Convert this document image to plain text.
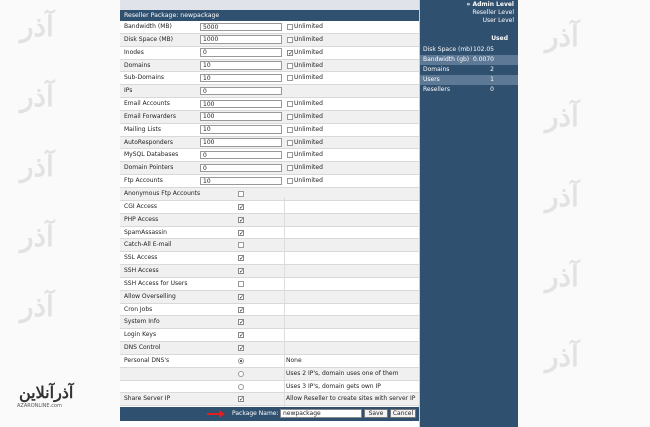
آذر
آذر
آذر
آذر
آذر
آذر
آذر
آذر
آذر
آذر
Reseller Package: newpackage
Bandwidth (MB)	5000	Unlimited
Disk Space (MB)	1000	Unlimited
Inodes	0	✓ Unlimited
Domains	10	Unlimited
Sub-Domains	10	Unlimited
IPs	0
Email Accounts	100	Unlimited
Email Forwarders	100	Unlimited
Mailing Lists	10	Unlimited
AutoResponders	100	Unlimited
MySQL Databases	0	Unlimited
Domain Pointers	0	Unlimited
Ftp Accounts	10	Unlimited
Anonymous Ftp Accounts
CGI Access	✓
PHP Access	✓
SpamAssassin	✓
Catch-All E-mail
SSL Access	✓
SSH Access	✓
SSH Access for Users
Allow Overselling	✓
Cron Jobs	✓
System Info	✓
Login Keys	✓
DNS Control	✓
Personal DNS's	None
Uses 2 IP's, domain uses one of them
Uses 3 IP's, domain gets own IP
Share Server IP	✓	Allow Reseller to create sites with server IP
Package Name: newpackage	Save	Cancel
» Admin Level
Reseller Level
User Level
Used
Disk Space (mb) 102.05
Bandwidth (gb) 0.0070
Domains	2
Users	1
Resellers	0
آذرآنلاین
AZARONLINE.com
